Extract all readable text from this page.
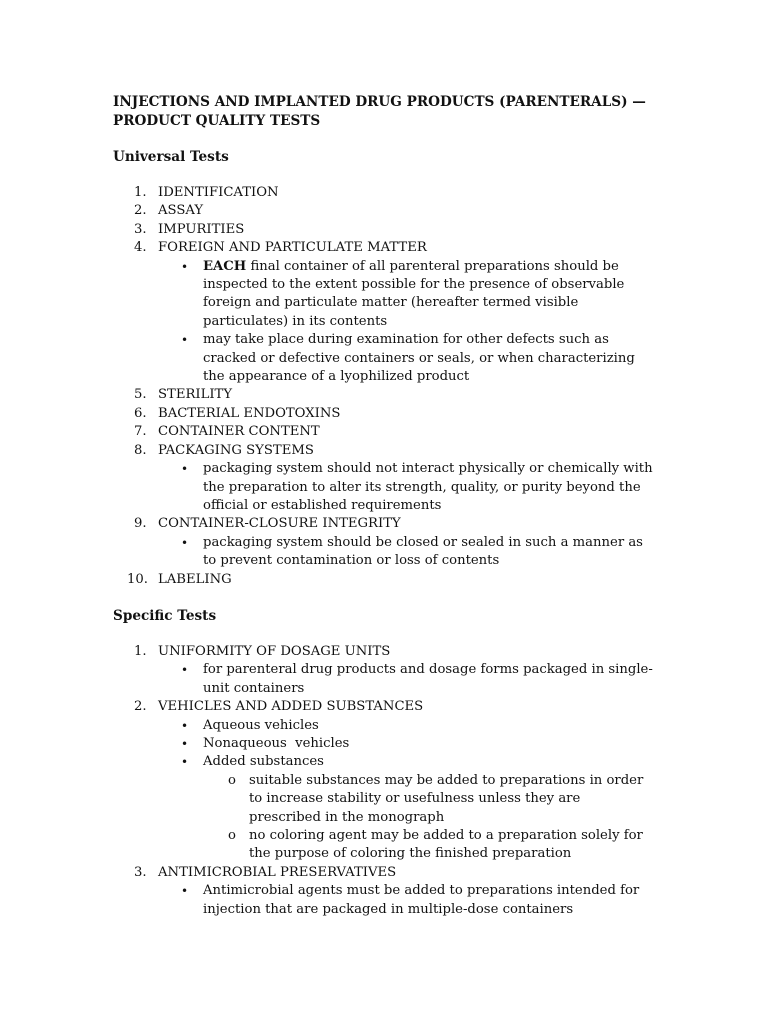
INJECTIONS AND IMPLANTED DRUG PRODUCTS (PARENTERALS) —PRODUCT QUALITY TESTS
Universal Tests
1. IDENTIFICATION
2. ASSAY
3. IMPURITIES
4. FOREIGN AND PARTICULATE MATTER
• EACH final container of all parenteral preparations should be inspected to the extent possible for the presence of observable foreign and particulate matter (hereafter termed visible particulates) in its contents
• may take place during examination for other defects such as cracked or defective containers or seals, or when characterizing the appearance of a lyophilized product
5. STERILITY
6. BACTERIAL ENDOTOXINS
7. CONTAINER CONTENT
8. PACKAGING SYSTEMS
• packaging system should not interact physically or chemically with the preparation to alter its strength, quality, or purity beyond the official or established requirements
9. CONTAINER-CLOSURE INTEGRITY
• packaging system should be closed or sealed in such a manner as to prevent contamination or loss of contents
10. LABELING
Specific Tests
1. UNIFORMITY OF DOSAGE UNITS
• for parenteral drug products and dosage forms packaged in single-unit containers
2. VEHICLES AND ADDED SUBSTANCES
• Aqueous vehicles
• Nonaqueous  vehicles
• Added substances
o suitable substances may be added to preparations in order to increase stability or usefulness unless they are prescribed in the monograph
o no coloring agent may be added to a preparation solely for the purpose of coloring the finished preparation
3. ANTIMICROBIAL PRESERVATIVES
• Antimicrobial agents must be added to preparations intended for injection that are packaged in multiple-dose containers
